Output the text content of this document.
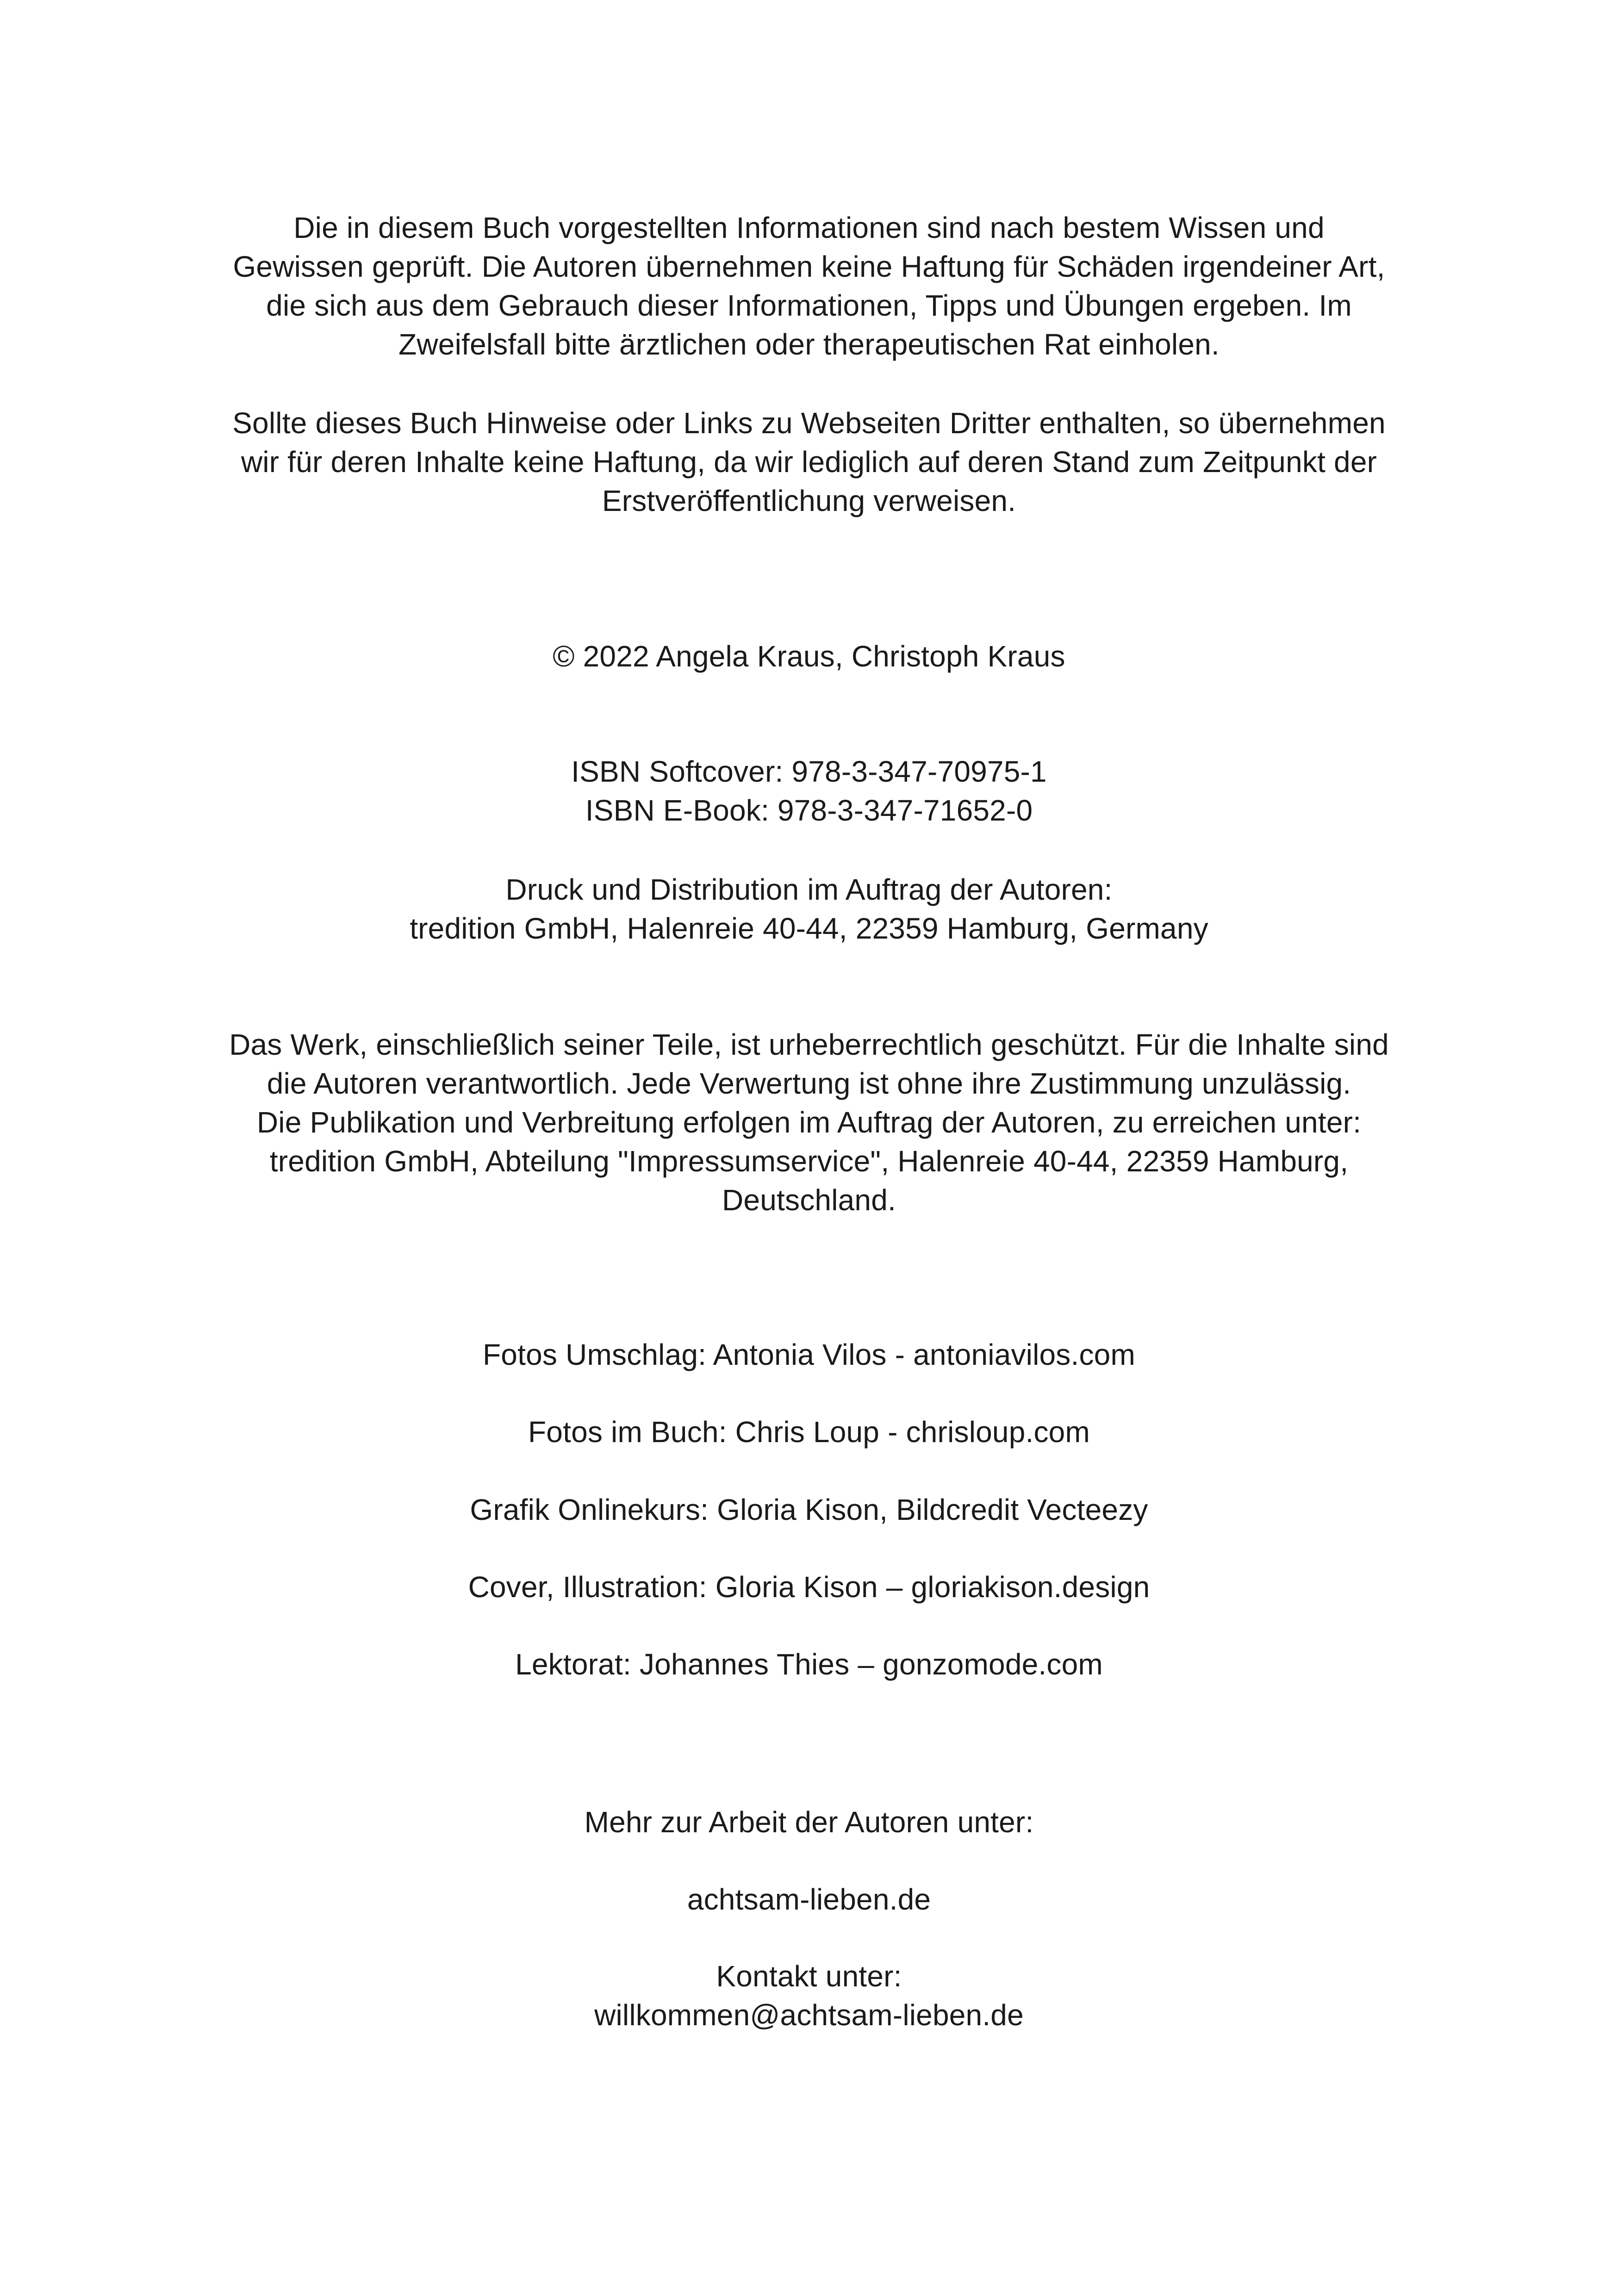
Die in diesem Buch vorgestellten Informationen sind nach bestem Wissen und
Gewissen geprüft. Die Autoren übernehmen keine Haftung für Schäden irgendeiner Art,
die sich aus dem Gebrauch dieser Informationen, Tipps und Übungen ergeben. Im
Zweifelsfall bitte ärztlichen oder therapeutischen Rat einholen.
Sollte dieses Buch Hinweise oder Links zu Webseiten Dritter enthalten, so übernehmen
wir für deren Inhalte keine Haftung, da wir lediglich auf deren Stand zum Zeitpunkt der
Erstveröffentlichung verweisen.
© 2022 Angela Kraus, Christoph Kraus
ISBN Softcover: 978-3-347-70975-1
ISBN E-Book: 978-3-347-71652-0
Druck und Distribution im Auftrag der Autoren:
tredition GmbH, Halenreie 40-44, 22359 Hamburg, Germany
Das Werk, einschließlich seiner Teile, ist urheberrechtlich geschützt. Für die Inhalte sind
die Autoren verantwortlich. Jede Verwertung ist ohne ihre Zustimmung unzulässig.
Die Publikation und Verbreitung erfolgen im Auftrag der Autoren, zu erreichen unter:
tredition GmbH, Abteilung "Impressumservice", Halenreie 40-44, 22359 Hamburg,
Deutschland.
Fotos Umschlag: Antonia Vilos - antoniavilos.com
Fotos im Buch: Chris Loup - chrisloup.com
Grafik Onlinekurs: Gloria Kison, Bildcredit Vecteezy
Cover, Illustration: Gloria Kison – gloriakison.design
Lektorat: Johannes Thies – gonzomode.com
Mehr zur Arbeit der Autoren unter:
achtsam-lieben.de
Kontakt unter:
willkommen@achtsam-lieben.de
